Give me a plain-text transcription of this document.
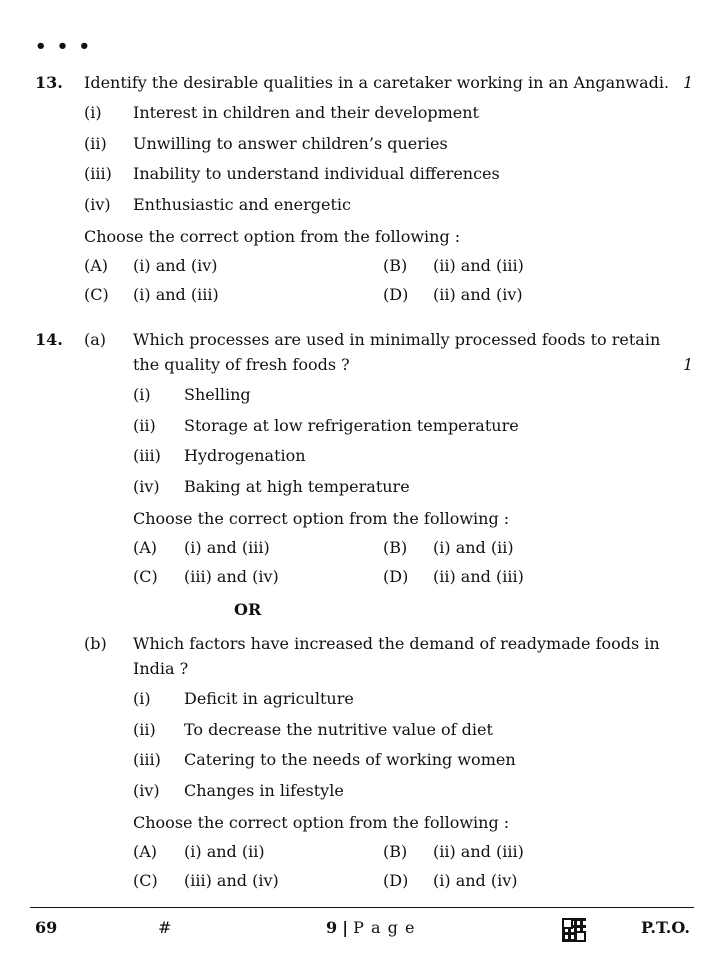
• • •
13. Identify the desirable qualities in a caretaker working in an Anganwadi. 1
(i) Interest in children and their development
(ii) Unwilling to answer children’s queries
(iii) Inability to understand individual differences
(iv) Enthusiastic and energetic
Choose the correct option from the following :
(A) (i) and (iv)	(B) (ii) and (iii)
(C) (i) and (iii)	(D) (ii) and (iv)
14. (a) Which processes are used in minimally processed foods to retain
the quality of fresh foods ?	1
(i) Shelling
(ii) Storage at low refrigeration temperature
(iii) Hydrogenation
(iv) Baking at high temperature
Choose the correct option from the following :
(A) (i) and (iii)	(B) (i) and (ii)
(C) (iii) and (iv)	(D) (ii) and (iii)
OR
(b) Which factors have increased the demand of readymade foods in
India ?
(i) Deficit in agriculture
(ii) To decrease the nutritive value of diet
(iii) Catering to the needs of working women
(iv) Changes in lifestyle
Choose the correct option from the following :
(A) (i) and (ii)	(B) (ii) and (iii)
(C) (iii) and (iv)	(D) (i) and (iv)
69	#	9 | P a g e	P.T.O.
